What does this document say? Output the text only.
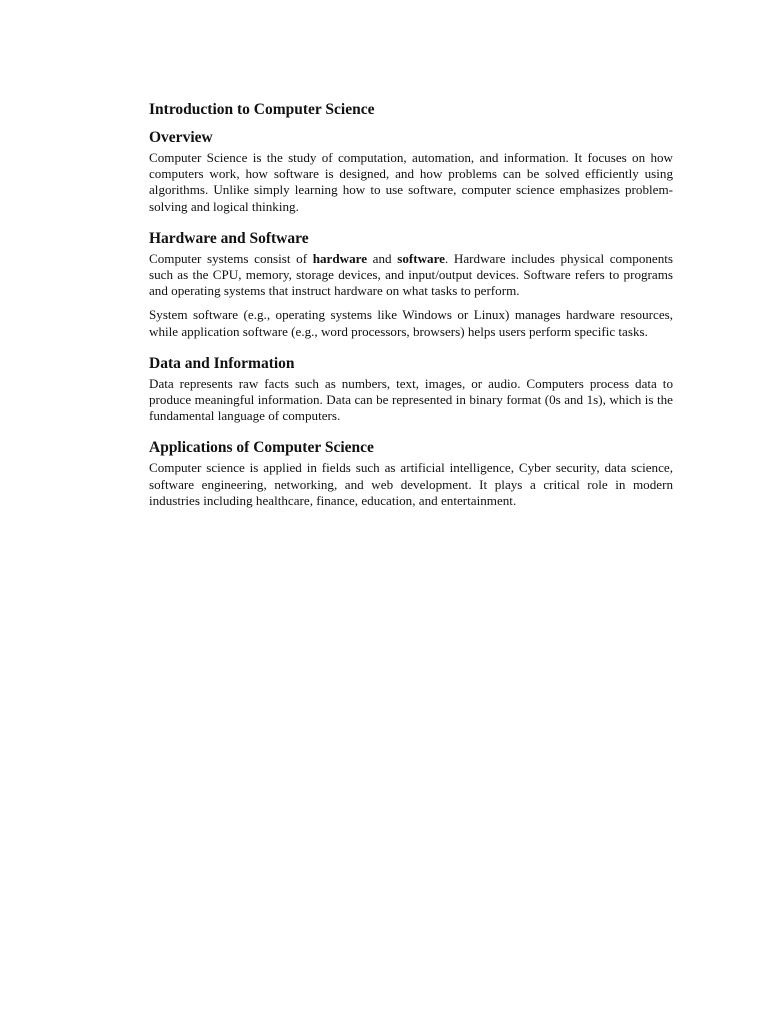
Introduction to Computer Science
Overview

Computer Science is the study of computation, automation, and information. It focuses on how computers work, how software is designed, and how problems can be solved efficiently using algorithms. Unlike simply learning how to use software, computer science emphasizes problem-solving and logical thinking.

Hardware and Software

Computer systems consist of hardware and software. Hardware includes physical components such as the CPU, memory, storage devices, and input/output devices. Software refers to programs and operating systems that instruct hardware on what tasks to perform.

System software (e.g., operating systems like Windows or Linux) manages hardware resources, while application software (e.g., word processors, browsers) helps users perform specific tasks.

Data and Information

Data represents raw facts such as numbers, text, images, or audio. Computers process data to produce meaningful information. Data can be represented in binary format (0s and 1s), which is the fundamental language of computers.

Applications of Computer Science

Computer science is applied in fields such as artificial intelligence, Cyber security, data science, software engineering, networking, and web development. It plays a critical role in modern industries including healthcare, finance, education, and entertainment.
